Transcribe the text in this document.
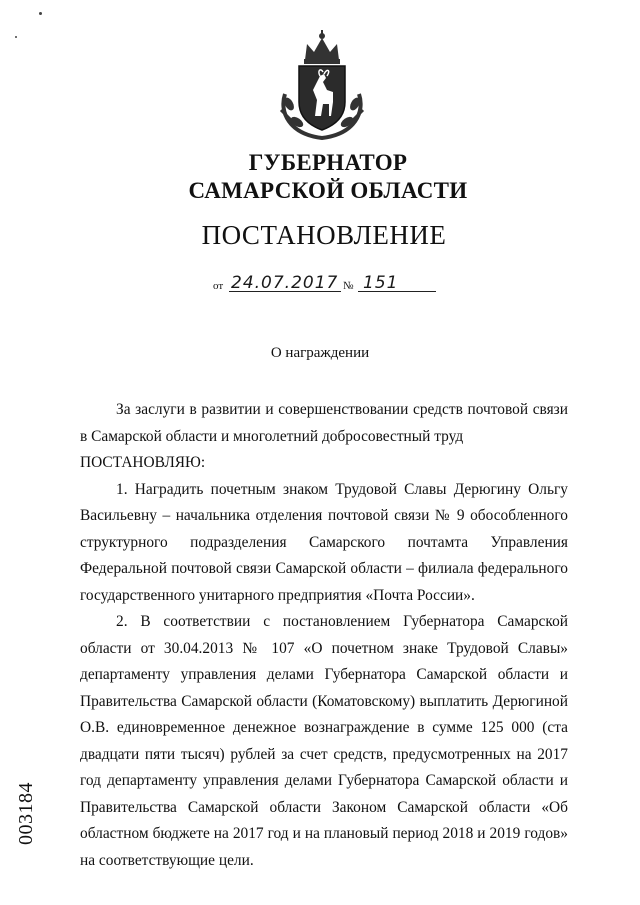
ГУБЕРНАТОР
САМАРСКОЙ ОБЛАСТИ
ПОСТАНОВЛЕНИЕ
от 24.07.2017 № 151
О награждении

За заслуги в развитии и совершенствовании средств почтовой связи в Самарской области и многолетний добросовестный труд

ПОСТАНОВЛЯЮ:

1. Наградить почетным знаком Трудовой Славы Дерюгину Ольгу Васильевну – начальника отделения почтовой связи № 9 обособленного структурного подразделения Самарского почтамта Управления Федеральной почтовой связи Самарской области – филиала федерального государственного унитарного предприятия «Почта России».

2. В соответствии с постановлением Губернатора Самарской области от 30.04.2013 № 107 «О почетном знаке Трудовой Славы» департаменту управления делами Губернатора Самарской области и Правительства Самарской области (Коматовскому) выплатить Дерюгиной О.В. единовременное денежное вознаграждение в сумме 125 000 (ста двадцати пяти тысяч) рублей за счет средств, предусмотренных на 2017 год департаменту управления делами Губернатора Самарской области и Правительства Самарской области Законом Самарской области «Об областном бюджете на 2017 год и на плановый период 2018 и 2019 годов» на соответствующие цели.

003184
